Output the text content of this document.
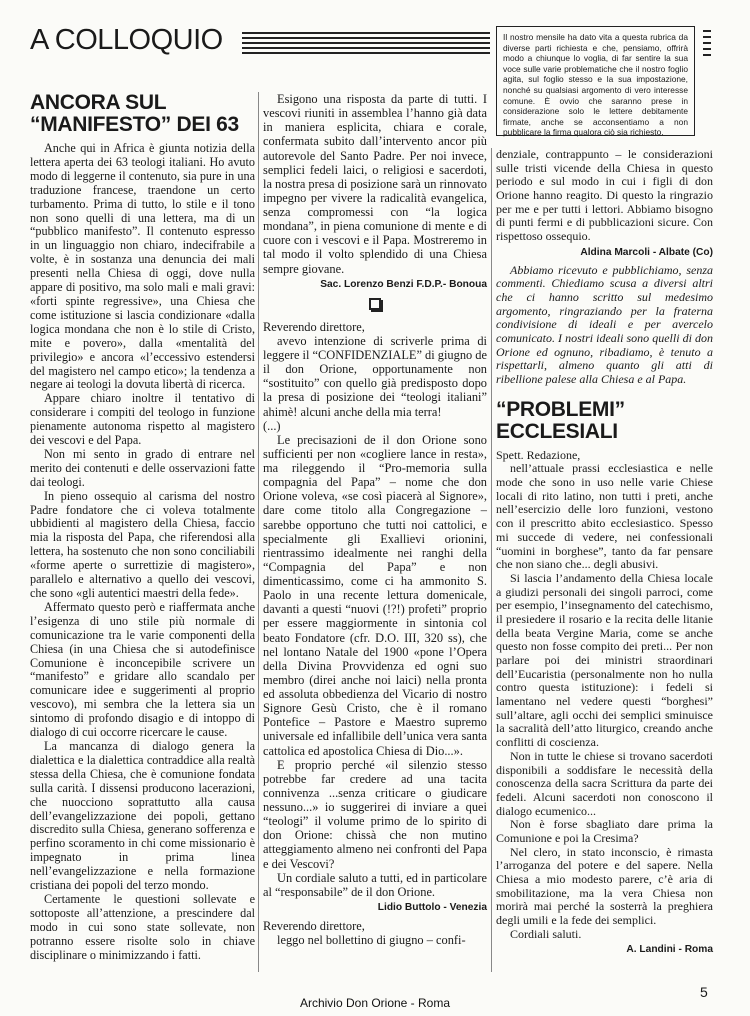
A COLLOQUIO	Il nostro mensile ha dato vita a questa rubrica da diverse parti richiesta e che, pensiamo, offrirà modo a chiunque lo voglia, di far sentire la sua voce sulle varie problematiche che il nostro foglio agita, sul foglio stesso e la sua impostazione, nonché su qualsiasi argomento di vero interesse comune. È ovvio che saranno prese in considerazione solo le lettere debitamente firmate, anche se acconsentiamo a non pubblicare la firma qualora ciò sia richiesto.
ANCORA SUL
“MANIFESTO” DEI 63

Anche qui in Africa è giunta notizia della lettera aperta dei 63 teologi italiani. Ho avuto modo di leggerne il contenuto, sia pure in una traduzione francese, traendone un certo turbamento. Prima di tutto, lo stile e il tono non sono quelli di una lettera, ma di un “pubblico manifesto”. Il contenuto espresso in un linguaggio non chiaro, indecifrabile a volte, è in sostanza una denuncia dei mali presenti nella Chiesa di oggi, dove nulla appare di positivo, ma solo mali e mali gravi: «forti spinte regressive», una Chiesa che come istituzione si lascia condizionare «dalla logica mondana che non è lo stile di Cristo, mite e povero», dalla «mentalità del privilegio» e ancora «l’eccessivo estendersi del magistero nel campo etico»; la tendenza a negare ai teologi la dovuta libertà di ricerca.

Appare chiaro inoltre il tentativo di considerare i compiti del teologo in funzione pienamente autonoma rispetto al magistero dei vescovi e del Papa.

Non mi sento in grado di entrare nel merito dei contenuti e delle osservazioni fatte dai teologi.

In pieno ossequio al carisma del nostro Padre fondatore che ci voleva totalmente ubbidienti al magistero della Chiesa, faccio mia la risposta del Papa, che riferendosi alla lettera, ha sostenuto che non sono conciliabili «forme aperte o surrettizie di magistero», parallelo e alternativo a quello dei vescovi, che sono «gli autentici maestri della fede».

Affermato questo però e riaffermata anche l’esigenza di uno stile più normale di comunicazione tra le varie componenti della Chiesa (in una Chiesa che si autodefinisce Comunione è inconcepibile scrivere un “manifesto” e gridare allo scandalo per comunicare idee e suggerimenti al proprio vescovo), mi sembra che la lettera sia un sintomo di profondo disagio e di intoppo di dialogo di cui occorre ricercare le cause.

La mancanza di dialogo genera la dialettica e la dialettica contraddice alla realtà stessa della Chiesa, che è comunione fondata sulla carità. I dissensi producono lacerazioni, che nuocciono soprattutto alla causa dell’evangelizzazione dei popoli, gettano discredito sulla Chiesa, generano sofferenza e perfino scoramento in chi come missionario è impegnato in prima linea nell’evangelizzazione e nella formazione cristiana dei popoli del terzo mondo.

Certamente le questioni sollevate e sottoposte all’attenzione, a prescindere dal modo in cui sono state sollevate, non potranno essere risolte solo in chiave disciplinare o minimizzando i fatti.

Esigono una risposta da parte di tutti. I vescovi riuniti in assemblea l’hanno già data in maniera esplicita, chiara e corale, confermata subito dall’intervento ancor più autorevole del Santo Padre. Per noi invece, semplici fedeli laici, o religiosi e sacerdoti, la nostra presa di posizione sarà un rinnovato impegno per vivere la radicalità evangelica, senza compromessi con “la logica mondana”, in piena comunione di mente e di cuore con i vescovi e il Papa. Mostreremo in tal modo il volto splendido di una Chiesa sempre giovane.

Sac. Lorenzo Benzi F.D.P.- Bonoua

Reverendo direttore,

avevo intenzione di scriverle prima di leggere il “CONFIDENZIALE” di giugno de il don Orione, opportunamente non “sostituito” con quello già predisposto dopo la presa di posizione dei “teologi italiani” ahimè! alcuni anche della mia terra!

(...)

Le precisazioni de il don Orione sono sufficienti per non «cogliere lance in resta», ma rileggendo il “Pro-memoria sulla compagnia del Papa” – nome che don Orione voleva, «se così piacerà al Signore», dare come titolo alla Congregazione – sarebbe opportuno che tutti noi cattolici, e specialmente gli Exallievi orionini, rientrassimo idealmente nei ranghi della “Compagnia del Papa” e non dimenticassimo, come ci ha ammonito S. Paolo in una recente lettura domenicale, davanti a questi “nuovi (!?!) profeti” proprio per essere maggiormente in sintonia col beato Fondatore (cfr. D.O. III, 320 ss), che nel lontano Natale del 1900 «pone l’Opera della Divina Provvidenza ed ogni suo membro (direi anche noi laici) nella pronta ed assoluta obbedienza del Vicario di nostro Signore Gesù Cristo, che è il romano Pontefice – Pastore e Maestro supremo universale ed infallibile dell’unica vera santa cattolica ed apostolica Chiesa di Dio...».

E proprio perché «il silenzio stesso potrebbe far credere ad una tacita connivenza ...senza criticare o giudicare nessuno...» io suggerirei di inviare a quei “teologi” il volume primo de lo spirito di don Orione: chissà che non mutino atteggiamento almeno nei confronti del Papa e dei Vescovi?

Un cordiale saluto a tutti, ed in particolare al “responsabile” de il don Orione.

Lidio Buttolo - Venezia

Reverendo direttore,

leggo nel bollettino di giugno – confi-

denziale, contrappunto – le considerazioni sulle tristi vicende della Chiesa in questo periodo e sul modo in cui i figli di don Orione hanno reagito. Di questo la ringrazio per me e per tutti i lettori. Abbiamo bisogno di punti fermi e di pubblicazioni sicure. Con rispettoso ossequio.

Aldina Marcoli - Albate (Co)

Abbiamo ricevuto e pubblichiamo, senza commenti. Chiediamo scusa a diversi altri che ci hanno scritto sul medesimo argomento, ringraziando per la fraterna condivisione di ideali e per avercelo comunicato. I nostri ideali sono quelli di don Orione ed ognuno, ribadiamo, è tenuto a rispettarli, almeno quanto gli atti di ribellione palese alla Chiesa e al Papa.

“PROBLEMI”
ECCLESIALI

Spett. Redazione,

nell’attuale prassi ecclesiastica e nelle mode che sono in uso nelle varie Chiese locali di rito latino, non tutti i preti, anche nell’esercizio delle loro funzioni, vestono con il prescritto abito ecclesiastico. Spesso mi succede di vedere, nei confessionali “uomini in borghese”, tanto da far pensare che non siano che... degli abusivi.

Si lascia l’andamento della Chiesa locale a giudizi personali dei singoli parroci, come per esempio, l’insegnamento del catechismo, il presiedere il rosario e la recita delle litanie della beata Vergine Maria, come se anche questo non fosse compito dei preti... Per non parlare poi dei ministri straordinari dell’Eucaristia (personalmente non ho nulla contro questa istituzione): i fedeli si lamentano nel vedere questi “borghesi” sull’altare, agli occhi dei semplici sminuisce la sacralità dell’atto liturgico, creando anche conflitti di coscienza.

Non in tutte le chiese si trovano sacerdoti disponibili a soddisfare le necessità della conoscenza della sacra Scrittura da parte dei fedeli. Alcuni sacerdoti non conoscono il dialogo ecumenico...

Non è forse sbagliato dare prima la Comunione e poi la Cresima?

Nel clero, in stato inconscio, è rimasta l’arroganza del potere e del sapere. Nella Chiesa a mio modesto parere, c’è aria di smobilitazione, ma la vera Chiesa non morirà mai perché la sosterrà la preghiera degli umili e la fede dei semplici.

Cordiali saluti.

A. Landini - Roma
5
Archivio Don Orione - Roma
